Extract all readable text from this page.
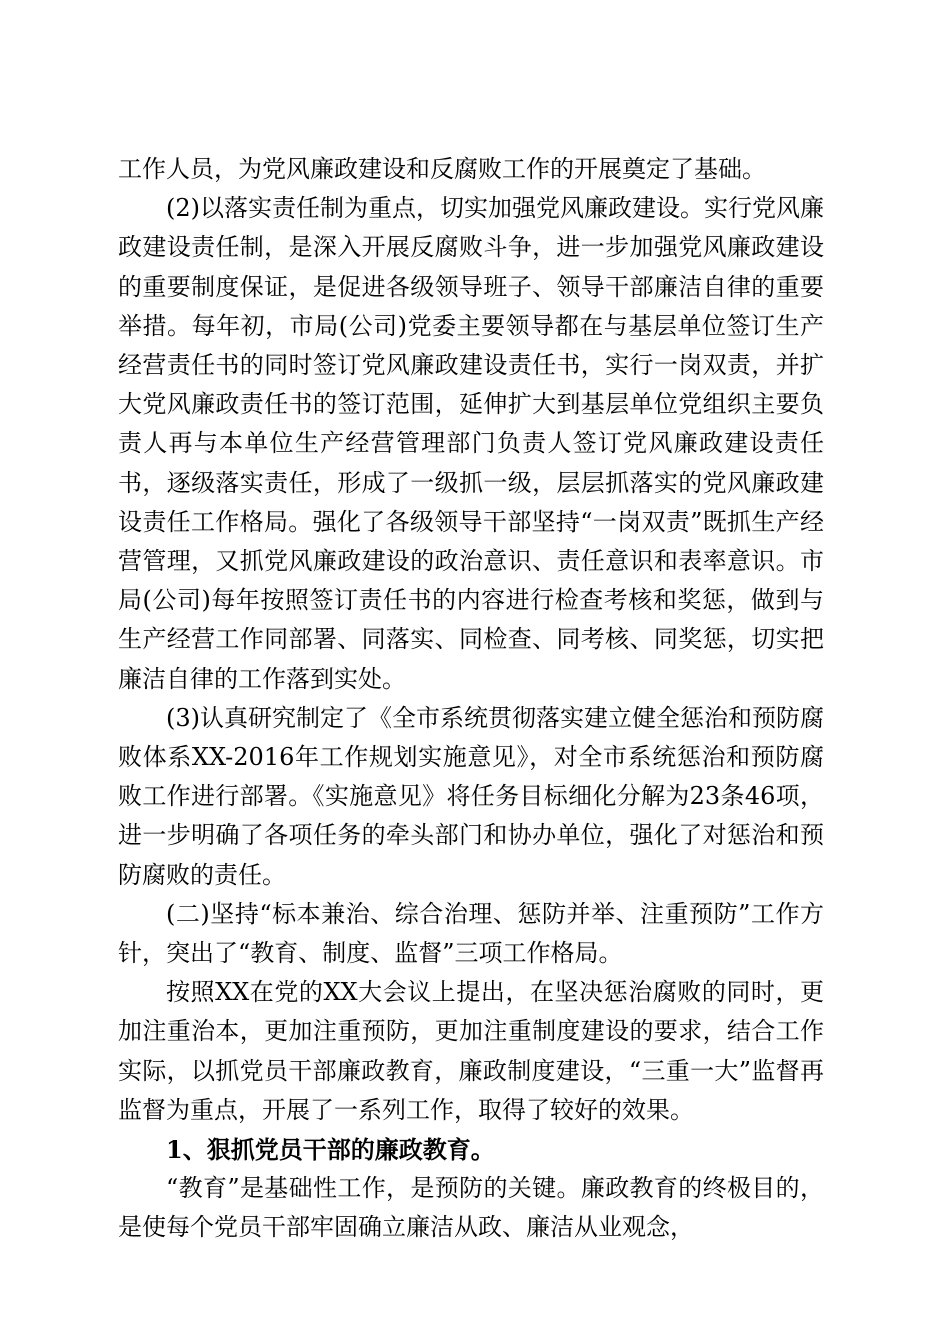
工作人员，为党风廉政建设和反腐败工作的开展奠定了基础。

(2)以落实责任制为重点，切实加强党风廉政建设。实行党风廉政建设责任制，是深入开展反腐败斗争，进一步加强党风廉政建设的重要制度保证，是促进各级领导班子、领导干部廉洁自律的重要举措。每年初，市局(公司)党委主要领导都在与基层单位签订生产经营责任书的同时签订党风廉政建设责任书，实行一岗双责，并扩大党风廉政责任书的签订范围，延伸扩大到基层单位党组织主要负责人再与本单位生产经营管理部门负责人签订党风廉政建设责任书，逐级落实责任，形成了一级抓一级，层层抓落实的党风廉政建设责任工作格局。强化了各级领导干部坚持“一岗双责”既抓生产经营管理，又抓党风廉政建设的政治意识、责任意识和表率意识。市局(公司)每年按照签订责任书的内容进行检查考核和奖惩，做到与生产经营工作同部署、同落实、同检查、同考核、同奖惩，切实把廉洁自律的工作落到实处。

(3)认真研究制定了《全市系统贯彻落实建立健全惩治和预防腐败体系XX-2016年工作规划实施意见》，对全市系统惩治和预防腐败工作进行部署。《实施意见》将任务目标细化分解为23条46项，进一步明确了各项任务的牵头部门和协办单位，强化了对惩治和预防腐败的责任。

(二)坚持“标本兼治、综合治理、惩防并举、注重预防”工作方针，突出了“教育、制度、监督”三项工作格局。

按照XX在党的XX大会议上提出，在坚决惩治腐败的同时，更加注重治本，更加注重预防，更加注重制度建设的要求，结合工作实际，以抓党员干部廉政教育，廉政制度建设，“三重一大”监督再监督为重点，开展了一系列工作，取得了较好的效果。

1、狠抓党员干部的廉政教育。

“教育”是基础性工作，是预防的关键。廉政教育的终极目的，是使每个党员干部牢固确立廉洁从政、廉洁从业观念，
